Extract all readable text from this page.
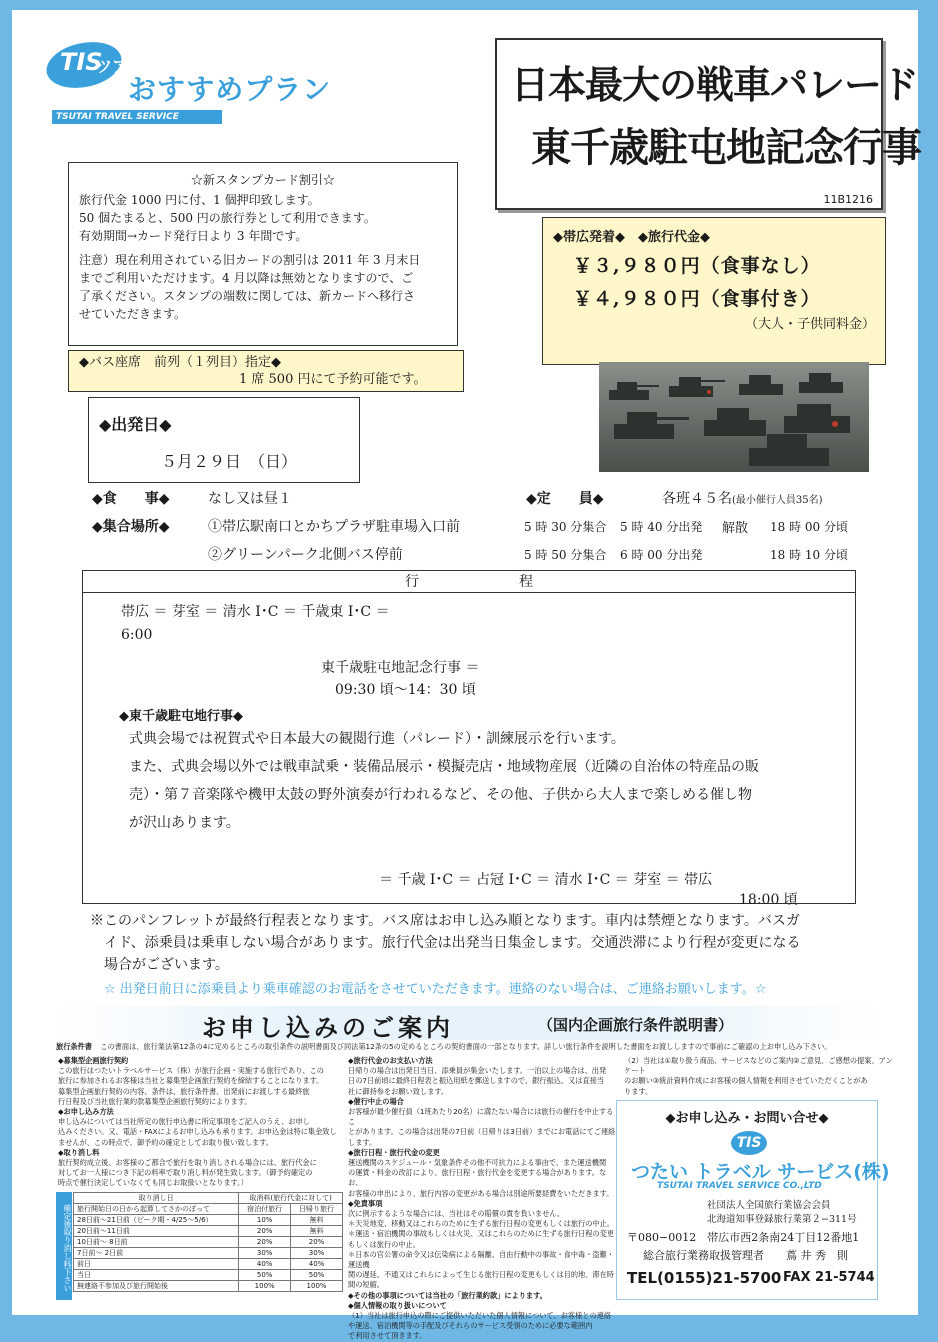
TIS
ツアー
おすすめプラン
TSUTAI TRAVEL SERVICE
日本最大の戦車パレード
東千歳駐屯地記念行事
11B1216
☆新スタンプカード割引☆
旅行代金 1000 円に付、1 個押印致します。
50 個たまると、500 円の旅行券として利用できます。
有効期間→カード発行日より 3 年間です。
注意）現在利用されている旧カードの割引は 2011 年 3 月末日
までご利用いただけます。4 月以降は無効となりますので、ご
了承ください。スタンプの端数に関しては、新カードへ移行さ
せていただきます。
◆帯広発着◆　◆旅行代金◆
￥３,９８０円（食事なし）
￥４,９８０円（食事付き）
（大人・子供同料金）
◆バス座席　前列（１列目）指定◆
1 席 500 円にて予約可能です。
◆出発日◆
５月２９日　（日）
◆食　　事◆	なし又は昼１	◆定　　員◆	各班４５名(最小催行人員35名)
◆集合場所◆	①帯広駅南口とかちプラザ駐車場入口前	5 時 30 分集合 5 時 40 分出発 解散 18 時 00 分頃
②グリーンパーク北側バス停前	5 時 50 分集合 6 時 00 分出発	18 時 10 分頃
行	程
帯広 ＝ 芽室 ＝ 清水 I･C ＝ 千歳東 I･C ＝
6:00
東千歳駐屯地記念行事 ＝
09:30 頃～14：30 頃
◆東千歳駐屯地行事◆
式典会場では祝賀式や日本最大の観閲行進（パレード）・訓練展示を行います。
また、式典会場以外では戦車試乗・装備品展示・模擬売店・地域物産展（近隣の自治体の特産品の販
売）・第７音楽隊や機甲太鼓の野外演奏が行われるなど、その他、子供から大人まで楽しめる催し物
が沢山あります。
＝ 千歳 I･C ＝ 占冠 I･C ＝ 清水 I･C ＝ 芽室 ＝ 帯広
18:00 頃
※このパンフレットが最終行程表となります。バス席はお申し込み順となります。車内は禁煙となります。バスガ
イド、添乗員は乗車しない場合があります。旅行代金は出発当日集金します。交通渋滞により行程が変更になる
場合がございます。
☆ 出発日前日に添乗員より乗車確認のお電話をさせていただきます。連絡のない場合は、ご連絡お願いします。☆
お申し込みのご案内	（国内企画旅行条件説明書）
旅行条件書 この書面は、旅行業法第12条の4に定めるところの取引条件の説明書面及び同法第12条の5の定めるところの契約書面の一部となります。詳しい旅行条件を説明した書面をお渡ししますので事前にご確認の上お申し込み下さい。
◆募集型企画旅行契約
この旅行はつたいトラベルサービス（株）が旅行企画・実施する旅行であり、この
旅行に参加されるお客様は当社と募集型企画旅行契約を締結することになります。
募集型企画旅行契約の内容、条件は、旅行条件書、出発前にお渡しする最終旅
行日程及び当社旅行業約款募集型企画旅行契約によります。
◆お申し込み方法
申し込みについては当社所定の旅行申込書に所定事項をご記入のうえ、お申し
込みください。又、電話・FAXによるお申し込みも承ります。お申込金は特に集金致し
ませんが、この時点で、御予約の確定としてお取り扱い致します。
◆取り消し料
旅行契約成立後、お客様のご都合で旅行を取り消しされる場合には、旅行代金に
対してお一人様につき下記の料率で取り消し料が発生致します。（御予約確定の
時点で催行決定していなくても同じお取扱いとなります。）
確定後取り消し料下さい
取り消し日	取消料(旅行代金に対して)	
旅行開始日の日から起算してさかのぼって	宿泊付旅行	日帰り旅行
28日前～21日前（ピーク期・4/25～5/6）	10%	無料
20日前～11日前	20%	無料
10日前～ 8日前	20%	20%
7日前～ 2日前	30%	30%
前日	40%	40%
当日	50%	50%
無連絡不参加及び旅行開始後	100%	100%
◆旅行代金のお支払い方法
日帰りの場合は出発日当日、添乗員が集金いたします。一泊以上の場合は、出発
日の7日前頃に最終日程表と振込用紙を郵送しますので、銀行振込、又は直接当
社に御持参をお願い致します。
◆催行中止の場合
お客様が最少催行員（1班あたり20名）に満たない場合には旅行の催行を中止するこ
とがあります。この場合は出発の7日前（日帰りは3日前）までにお電話にてご連絡します。
◆旅行日程・旅行代金の変更
運送機関のスケジュール・気象条件その他不可抗力による事由で、また運送機関
の運賃・料金の改訂により、旅行日程・旅行代金を変更する場合があります。なお、
お客様の申出により、旅行内容の変更がある場合は別途所要経費をいただきます。
◆免責事項
次に例示するような場合には、当社はその賠償の責を負いません。
＊天災地変、移動又はこれらのために生ずる旅行日程の変更もしくは旅行の中止。
＊運送・宿泊機関の事故もしくは火災、又はこれらのために生ずる旅行日程の変更
もしくは旅行の中止。
＊日本の官公署の命令又は伝染病による隔離、自由行動中の事故・食中毒・盗難・運送機
関の遅延、不通又はこれらによって生じる旅行日程の変更もしくは目的地、滞在時間の短縮。
◆その他の事項については当社の「旅行業約款」によります。
◆個人情報の取り扱いについて
（1）当社は旅行申込の際にご提供いただいた個人情報について、お客様との連絡
や運送、宿泊機関等の手配及びそれらのサービス受領のために必要な範囲内
で利用させて頂きます。
（2）当社は①取り扱う商品、サービスなどのご案内②ご意見、ご感想の提案、アンケート
のお願い③統計資料作成にお客様の個人情報を利用させていただくことがあ
ります。
◆お申し込み・お問い合せ◆
TIS
つたい トラベル サービス(株)
TSUTAI TRAVEL SERVICE CO.,LTD
社団法人全国旅行業協会会員
北海道知事登録旅行業第２−311号
〒080−0012　帯広市西2条南24丁目12番地1
総合旅行業務取扱管理者　　蔦 井 秀　則
TEL(0155)21-5700 FAX 21-5744
